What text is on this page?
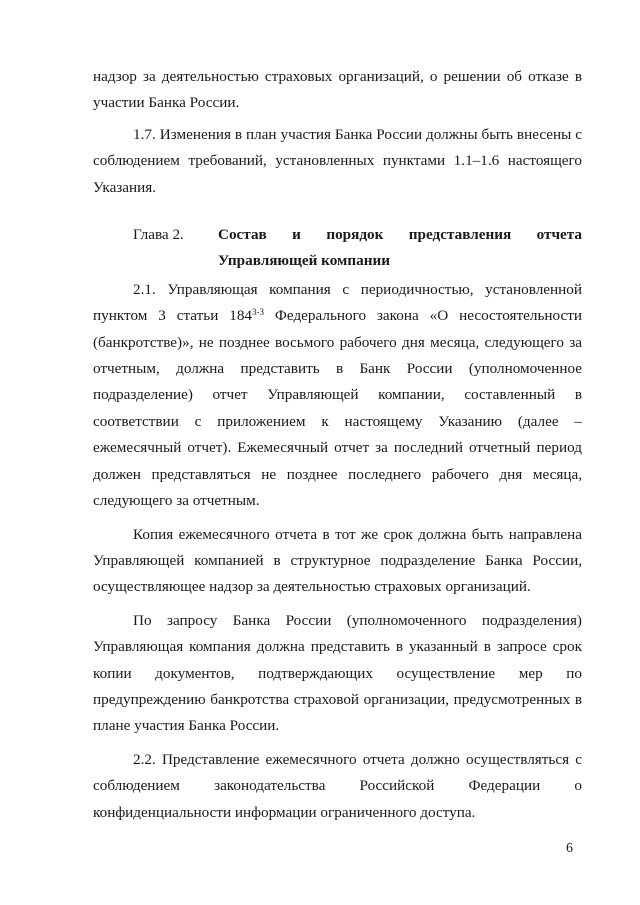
надзор за деятельностью страховых организаций, о решении об отказе в участии Банка России.

1.7. Изменения в план участия Банка России должны быть внесены с соблюдением требований, установленных пунктами 1.1–1.6 настоящего Указания.

Глава 2.	Состав и порядок представления отчета
Управляющей компании

2.1. Управляющая компания с периодичностью, установленной пунктом 3 статьи 184$^{3-3}$ Федерального закона «О несостоятельности (банкротстве)», не позднее восьмого рабочего дня месяца, следующего за отчетным, должна представить в Банк России (уполномоченное подразделение) отчет Управляющей компании, составленный в соответствии с приложением к настоящему Указанию (далее – ежемесячный отчет). Ежемесячный отчет за последний отчетный период должен представляться не позднее последнего рабочего дня месяца, следующего за отчетным.

Копия ежемесячного отчета в тот же срок должна быть направлена Управляющей компанией в структурное подразделение Банка России, осуществляющее надзор за деятельностью страховых организаций.

По запросу Банка России (уполномоченного подразделения) Управляющая компания должна представить в указанный в запросе срок копии документов, подтверждающих осуществление мер по предупреждению банкротства страховой организации, предусмотренных в плане участия Банка России.

2.2. Представление ежемесячного отчета должно осуществляться с соблюдением законодательства Российской Федерации о конфиденциальности информации ограниченного доступа.

6
